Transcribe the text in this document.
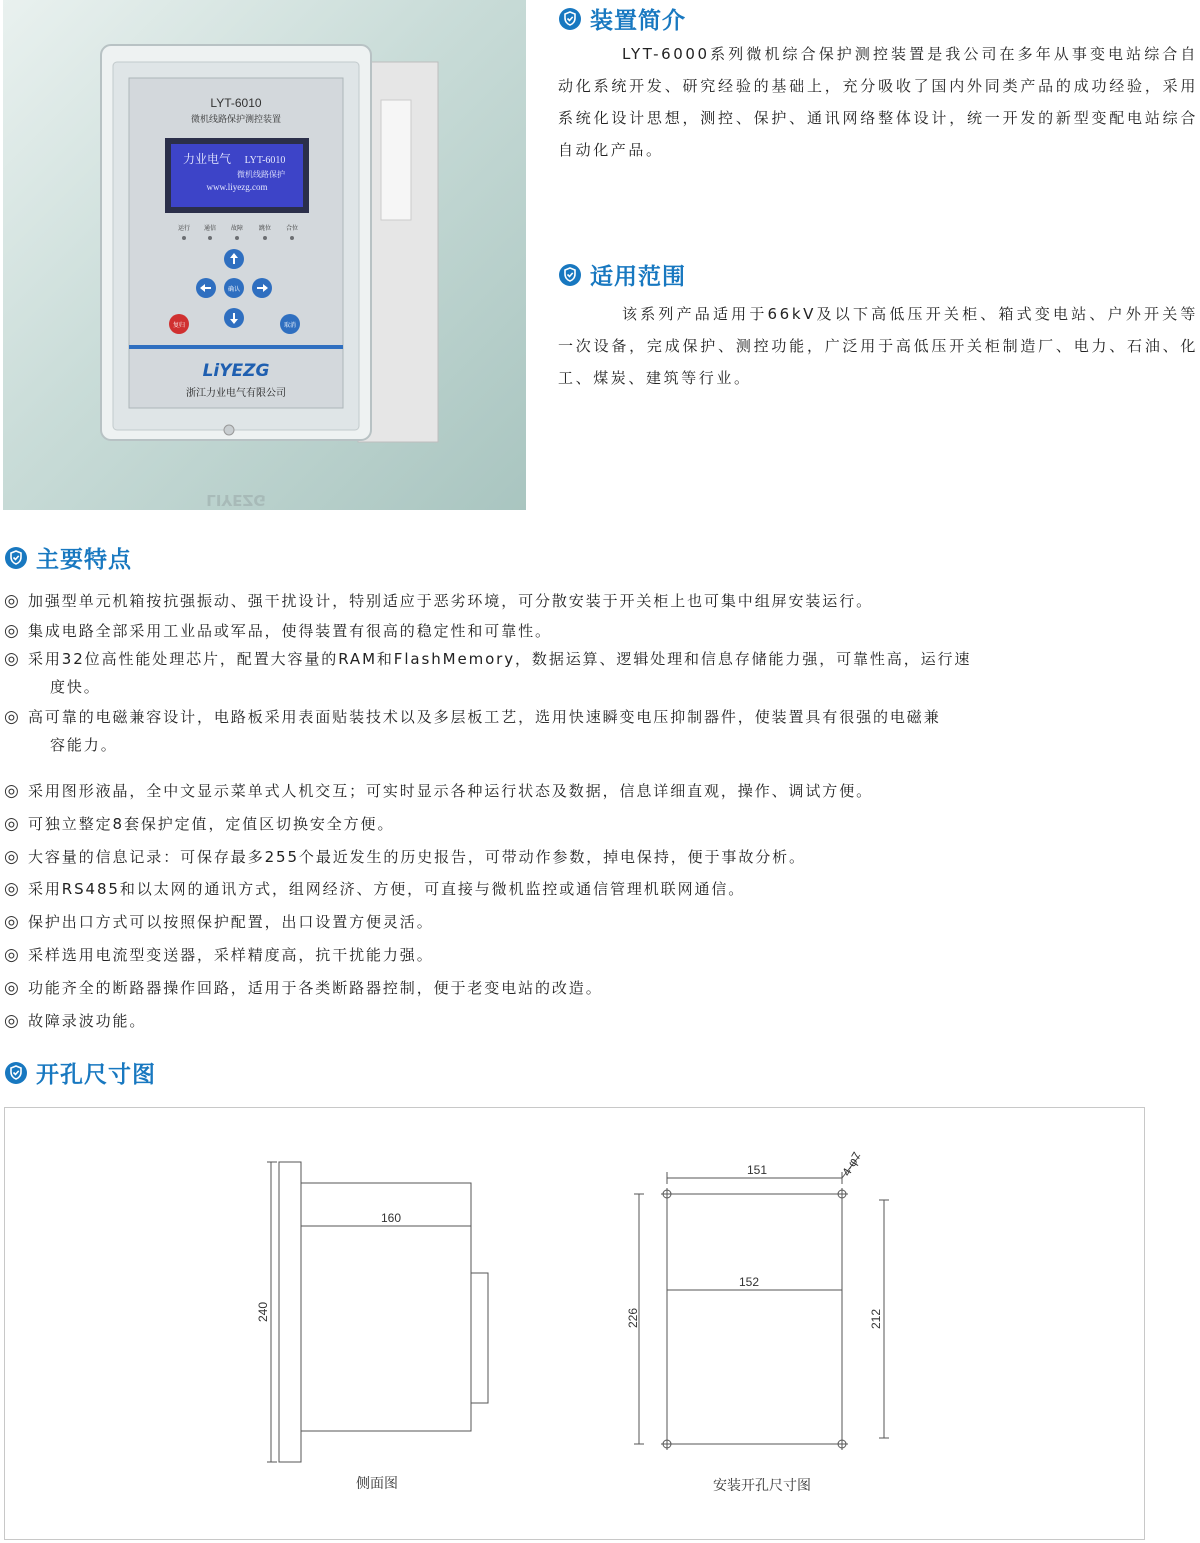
LYT-6010
微机线路保护测控装置
力业电气 LYT-6010
微机线路保护
www.liyezg.com
运行 通信 故障	跳位 合位
确认
复归	取消
LiYEZG
浙江力业电气有限公司
LIYEZG
装置简介
LYT-6000系列微机综合保护测控装置是我公司在多年从事变电站综合自动化系统开发、研究经验的基础上，充分吸收了国内外同类产品的成功经验，采用系统化设计思想，测控、保护、通讯网络整体设计，统一开发的新型变配电站综合自动化产品。
适用范围
该系列产品适用于66kV及以下高低压开关柜、箱式变电站、户外开关等一次设备，完成保护、测控功能，广泛用于高低压开关柜制造厂、电力、石油、化工、煤炭、建筑等行业。
主要特点
◎ 加强型单元机箱按抗强振动、强干扰设计，特别适应于恶劣环境，可分散安装于开关柜上也可集中组屏安装运行。
◎ 集成电路全部采用工业品或军品，使得装置有很高的稳定性和可靠性。
◎ 采用32位高性能处理芯片，配置大容量的RAM和FlashMemory，数据运算、逻辑处理和信息存储能力强，可靠性高，运行速
度快。
◎ 高可靠的电磁兼容设计，电路板采用表面贴装技术以及多层板工艺，选用快速瞬变电压抑制器件，使装置具有很强的电磁兼
容能力。
◎ 采用图形液晶，全中文显示菜单式人机交互；可实时显示各种运行状态及数据，信息详细直观，操作、调试方便。
◎ 可独立整定8套保护定值，定值区切换安全方便。
◎ 大容量的信息记录：可保存最多255个最近发生的历史报告，可带动作参数，掉电保持，便于事故分析。
◎ 采用RS485和以太网的通讯方式，组网经济、方便，可直接与微机监控或通信管理机联网通信。
◎ 保护出口方式可以按照保护配置，出口设置方便灵活。
◎ 采样选用电流型变送器，采样精度高，抗干扰能力强。
◎ 功能齐全的断路器操作回路，适用于各类断路器控制，便于老变电站的改造。
◎ 故障录波功能。
开孔尺寸图
160
240
151	4-φ7
152
226	212
侧面图	安装开孔尺寸图
